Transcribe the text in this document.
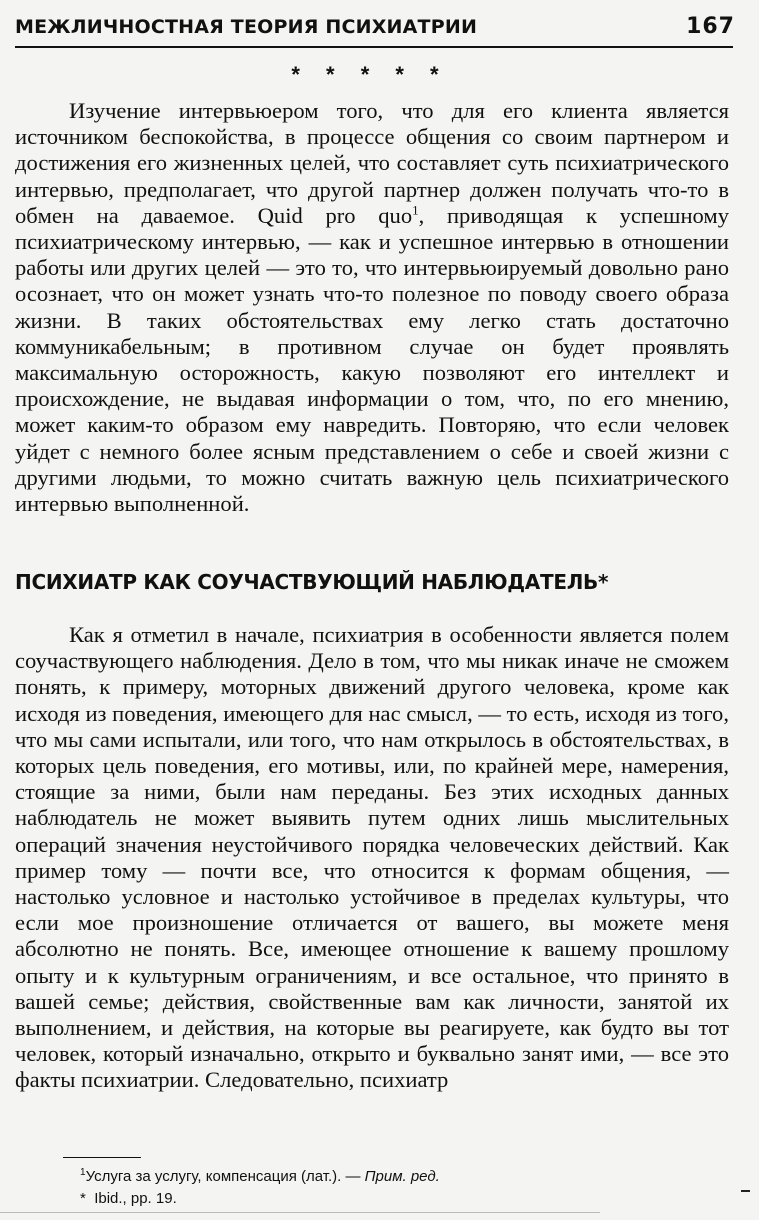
МЕЖЛИЧНОСТНАЯ ТЕОРИЯ ПСИХИАТРИИ	167
* * * * *

Изучение интервьюером того, что для его клиента является источником беспокойства, в процессе общения со своим партнером и достижения его жизненных целей, что составляет суть психиатрического интервью, предполагает, что другой партнер должен получать что-то в обмен на даваемое. Quid pro quo$^1$, приводящая к успешному психиатрическому интервью, — как и успешное интервью в отношении работы или других целей — это то, что интервьюируемый довольно рано осознает, что он может узнать что-то полезное по поводу своего образа жизни. В таких обстоятельствах ему легко стать достаточно коммуникабельным; в противном случае он будет проявлять максимальную осторожность, какую позволяют его интеллект и происхождение, не выдавая информации о том, что, по его мнению, может каким-то образом ему навредить. Повторяю, что если человек уйдет с немного более ясным представлением о себе и своей жизни с другими людьми, то можно считать важную цель психиатрического интервью выполненной.

ПСИХИАТР КАК СОУЧАСТВУЮЩИЙ НАБЛЮДАТЕЛЬ*

Как я отметил в начале, психиатрия в особенности является полем соучаствующего наблюдения. Дело в том, что мы никак иначе не сможем понять, к примеру, моторных движений другого человека, кроме как исходя из поведения, имеющего для нас смысл, — то есть, исходя из того, что мы сами испытали, или того, что нам открылось в обстоятельствах, в которых цель поведения, его мотивы, или, по крайней мере, намерения, стоящие за ними, были нам переданы. Без этих исходных данных наблюдатель не может выявить путем одних лишь мыслительных операций значения неустойчивого порядка человеческих действий. Как пример тому — почти все, что относится к формам общения, — настолько условное и настолько устойчивое в пределах культуры, что если мое произношение отличается от вашего, вы можете меня абсолютно не понять. Все, имеющее отношение к вашему прошлому опыту и к культурным ограничениям, и все остальное, что принято в вашей семье; действия, свойственные вам как личности, занятой их выполнением, и действия, на которые вы реагируете, как будто вы тот человек, который изначально, открыто и буквально занят ими, — все это факты психиатрии. Следовательно, психиатр

$^1$Услуга за услугу, компенсация (лат.). — Прим. ред.
* Ibid., pp. 19.
